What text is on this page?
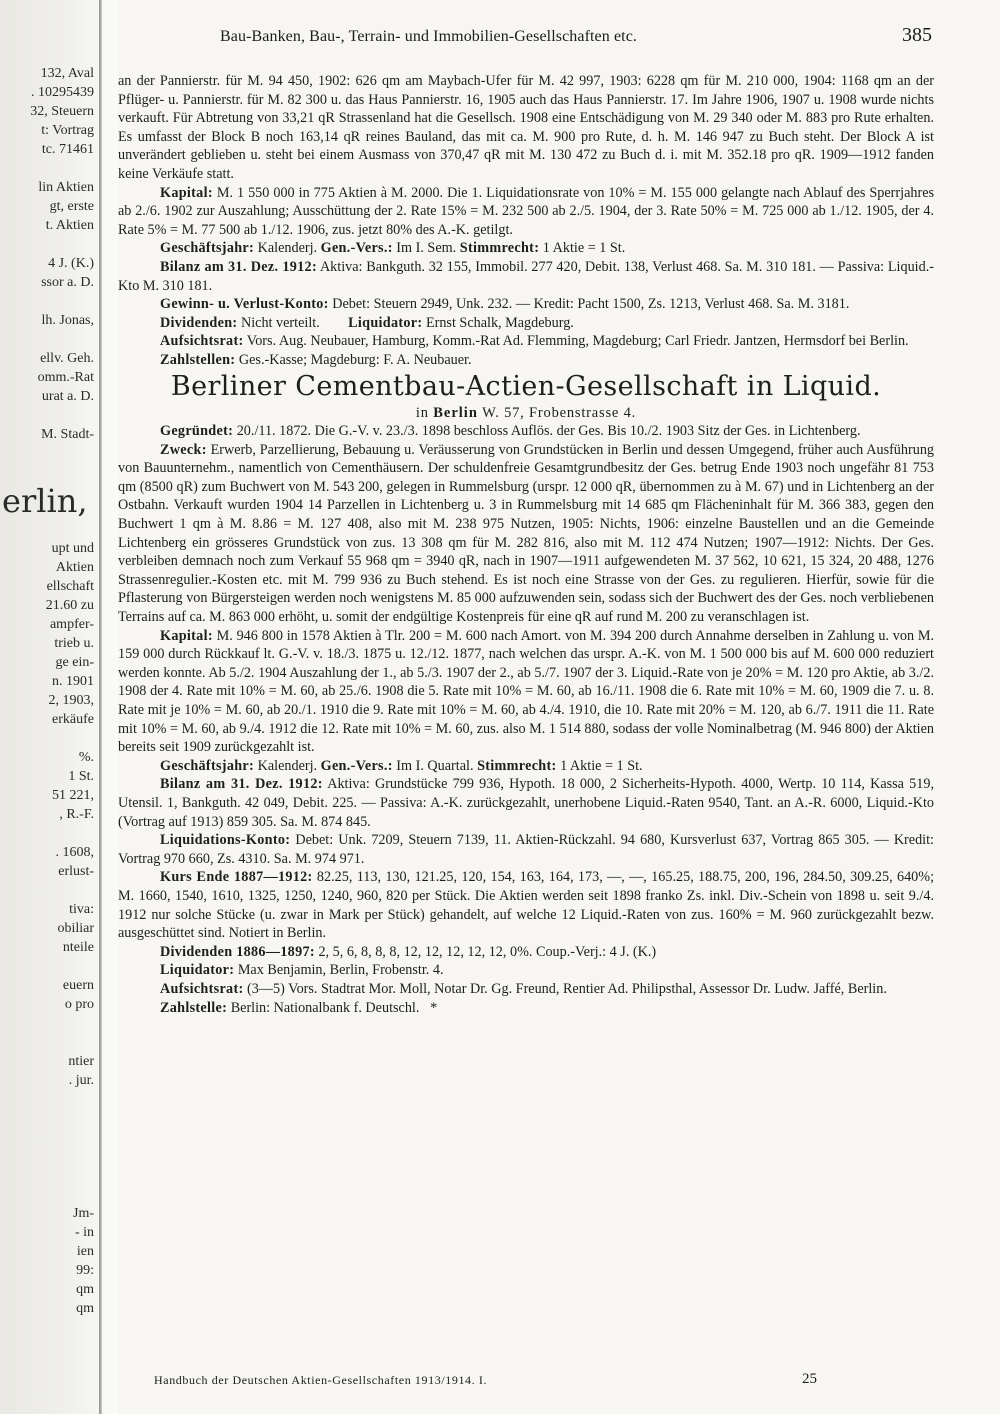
132, Aval
. 10295439
32, Steuern
t: Vortrag
tc. 71461
lin Aktien
gt, erste
t. Aktien
4 J. (K.)
ssor a. D.
lh. Jonas,
ellv. Geh.
omm.-Rat
urat a. D.
M. Stadt-
erlin,
upt und
Aktien
ellschaft
21.60 zu
ampfer-
trieb u.
ge ein-
n. 1901
2, 1903,
erkäufe
%.
1 St.
51 221,
, R.-F.
. 1608,
erlust-
tiva:
obiliar
nteile
euern
o pro
ntier
. jur.
Jm-
- in
ien
99:
qm
qm
Bau-Banken, Bau-, Terrain- und Immobilien-Gesellschaften etc.	385

an der Pannierstr. für M. 94 450, 1902: 626 qm am Maybach-Ufer für M. 42 997, 1903: 6228 qm für M. 210 000, 1904: 1168 qm an der Pflüger- u. Pannierstr. für M. 82 300 u. das Haus Pannierstr. 16, 1905 auch das Haus Pannierstr. 17. Im Jahre 1906, 1907 u. 1908 wurde nichts verkauft. Für Abtretung von 33,21 qR Strassenland hat die Gesellsch. 1908 eine Entschädigung von M. 29 340 oder M. 883 pro Rute erhalten. Es umfasst der Block B noch 163,14 qR reines Bauland, das mit ca. M. 900 pro Rute, d. h. M. 146 947 zu Buch steht. Der Block A ist unverändert geblieben u. steht bei einem Ausmass von 370,47 qR mit M. 130 472 zu Buch d. i. mit M. 352.18 pro qR. 1909—1912 fanden keine Verkäufe statt.

Kapital: M. 1 550 000 in 775 Aktien à M. 2000. Die 1. Liquidationsrate von 10% = M. 155 000 gelangte nach Ablauf des Sperrjahres ab 2./6. 1902 zur Auszahlung; Ausschüttung der 2. Rate 15% = M. 232 500 ab 2./5. 1904, der 3. Rate 50% = M. 725 000 ab 1./12. 1905, der 4. Rate 5% = M. 77 500 ab 1./12. 1906, zus. jetzt 80% des A.-K. getilgt.

Geschäftsjahr: Kalenderj. Gen.-Vers.: Im I. Sem. Stimmrecht: 1 Aktie = 1 St.

Bilanz am 31. Dez. 1912: Aktiva: Bankguth. 32 155, Immobil. 277 420, Debit. 138, Verlust 468. Sa. M. 310 181. — Passiva: Liquid.-Kto M. 310 181.

Gewinn- u. Verlust-Konto: Debet: Steuern 2949, Unk. 232. — Kredit: Pacht 1500, Zs. 1213, Verlust 468. Sa. M. 3181.

Dividenden: Nicht verteilt. Liquidator: Ernst Schalk, Magdeburg.

Aufsichtsrat: Vors. Aug. Neubauer, Hamburg, Komm.-Rat Ad. Flemming, Magdeburg; Carl Friedr. Jantzen, Hermsdorf bei Berlin.

Zahlstellen: Ges.-Kasse; Magdeburg: F. A. Neubauer.

Berliner Cementbau-Actien-Gesellschaft in Liquid.

in Berlin W. 57, Frobenstrasse 4.

Gegründet: 20./11. 1872. Die G.-V. v. 23./3. 1898 beschloss Auflös. der Ges. Bis 10./2. 1903 Sitz der Ges. in Lichtenberg.

Zweck: Erwerb, Parzellierung, Bebauung u. Veräusserung von Grundstücken in Berlin und dessen Umgegend, früher auch Ausführung von Bauunternehm., namentlich von Cementhäusern. Der schuldenfreie Gesamtgrundbesitz der Ges. betrug Ende 1903 noch ungefähr 81 753 qm (8500 qR) zum Buchwert von M. 543 200, gelegen in Rummelsburg (urspr. 12 000 qR, übernommen zu à M. 67) und in Lichtenberg an der Ostbahn. Verkauft wurden 1904 14 Parzellen in Lichtenberg u. 3 in Rummelsburg mit 14 685 qm Flächeninhalt für M. 366 383, gegen den Buchwert 1 qm à M. 8.86 = M. 127 408, also mit M. 238 975 Nutzen, 1905: Nichts, 1906: einzelne Baustellen und an die Gemeinde Lichtenberg ein grösseres Grundstück von zus. 13 308 qm für M. 282 816, also mit M. 112 474 Nutzen; 1907—1912: Nichts. Der Ges. verbleiben demnach noch zum Verkauf 55 968 qm = 3940 qR, nach in 1907—1911 aufgewendeten M. 37 562, 10 621, 15 324, 20 488, 1276 Strassenregulier.-Kosten etc. mit M. 799 936 zu Buch stehend. Es ist noch eine Strasse von der Ges. zu regulieren. Hierfür, sowie für die Pflasterung von Bürgersteigen werden noch wenigstens M. 85 000 aufzuwenden sein, sodass sich der Buchwert des der Ges. noch verbliebenen Terrains auf ca. M. 863 000 erhöht, u. somit der endgültige Kostenpreis für eine qR auf rund M. 200 zu veranschlagen ist.

Kapital: M. 946 800 in 1578 Aktien à Tlr. 200 = M. 600 nach Amort. von M. 394 200 durch Annahme derselben in Zahlung u. von M. 159 000 durch Rückkauf lt. G.-V. v. 18./3. 1875 u. 12./12. 1877, nach welchen das urspr. A.-K. von M. 1 500 000 bis auf M. 600 000 reduziert werden konnte. Ab 5./2. 1904 Auszahlung der 1., ab 5./3. 1907 der 2., ab 5./7. 1907 der 3. Liquid.-Rate von je 20% = M. 120 pro Aktie, ab 3./2. 1908 der 4. Rate mit 10% = M. 60, ab 25./6. 1908 die 5. Rate mit 10% = M. 60, ab 16./11. 1908 die 6. Rate mit 10% = M. 60, 1909 die 7. u. 8. Rate mit je 10% = M. 60, ab 20./1. 1910 die 9. Rate mit 10% = M. 60, ab 4./4. 1910, die 10. Rate mit 20% = M. 120, ab 6./7. 1911 die 11. Rate mit 10% = M. 60, ab 9./4. 1912 die 12. Rate mit 10% = M. 60, zus. also M. 1 514 880, sodass der volle Nominalbetrag (M. 946 800) der Aktien bereits seit 1909 zurückgezahlt ist.

Geschäftsjahr: Kalenderj. Gen.-Vers.: Im I. Quartal. Stimmrecht: 1 Aktie = 1 St.

Bilanz am 31. Dez. 1912: Aktiva: Grundstücke 799 936, Hypoth. 18 000, 2 Sicherheits-Hypoth. 4000, Wertp. 10 114, Kassa 519, Utensil. 1, Bankguth. 42 049, Debit. 225. — Passiva: A.-K. zurückgezahlt, unerhobene Liquid.-Raten 9540, Tant. an A.-R. 6000, Liquid.-Kto (Vortrag auf 1913) 859 305. Sa. M. 874 845.

Liquidations-Konto: Debet: Unk. 7209, Steuern 7139, 11. Aktien-Rückzahl. 94 680, Kursverlust 637, Vortrag 865 305. — Kredit: Vortrag 970 660, Zs. 4310. Sa. M. 974 971.

Kurs Ende 1887—1912: 82.25, 113, 130, 121.25, 120, 154, 163, 164, 173, —, —, 165.25, 188.75, 200, 196, 284.50, 309.25, 640%; M. 1660, 1540, 1610, 1325, 1250, 1240, 960, 820 per Stück. Die Aktien werden seit 1898 franko Zs. inkl. Div.-Schein von 1898 u. seit 9./4. 1912 nur solche Stücke (u. zwar in Mark per Stück) gehandelt, auf welche 12 Liquid.-Raten von zus. 160% = M. 960 zurückgezahlt bezw. ausgeschüttet sind. Notiert in Berlin.

Dividenden 1886—1897: 2, 5, 6, 8, 8, 8, 12, 12, 12, 12, 12, 0%. Coup.-Verj.: 4 J. (K.)

Liquidator: Max Benjamin, Berlin, Frobenstr. 4.

Aufsichtsrat: (3—5) Vors. Stadtrat Mor. Moll, Notar Dr. Gg. Freund, Rentier Ad. Philipsthal, Assessor Dr. Ludw. Jaffé, Berlin.

Zahlstelle: Berlin: Nationalbank f. Deutschl. *

Handbuch der Deutschen Aktien-Gesellschaften 1913/1914. I.	25
